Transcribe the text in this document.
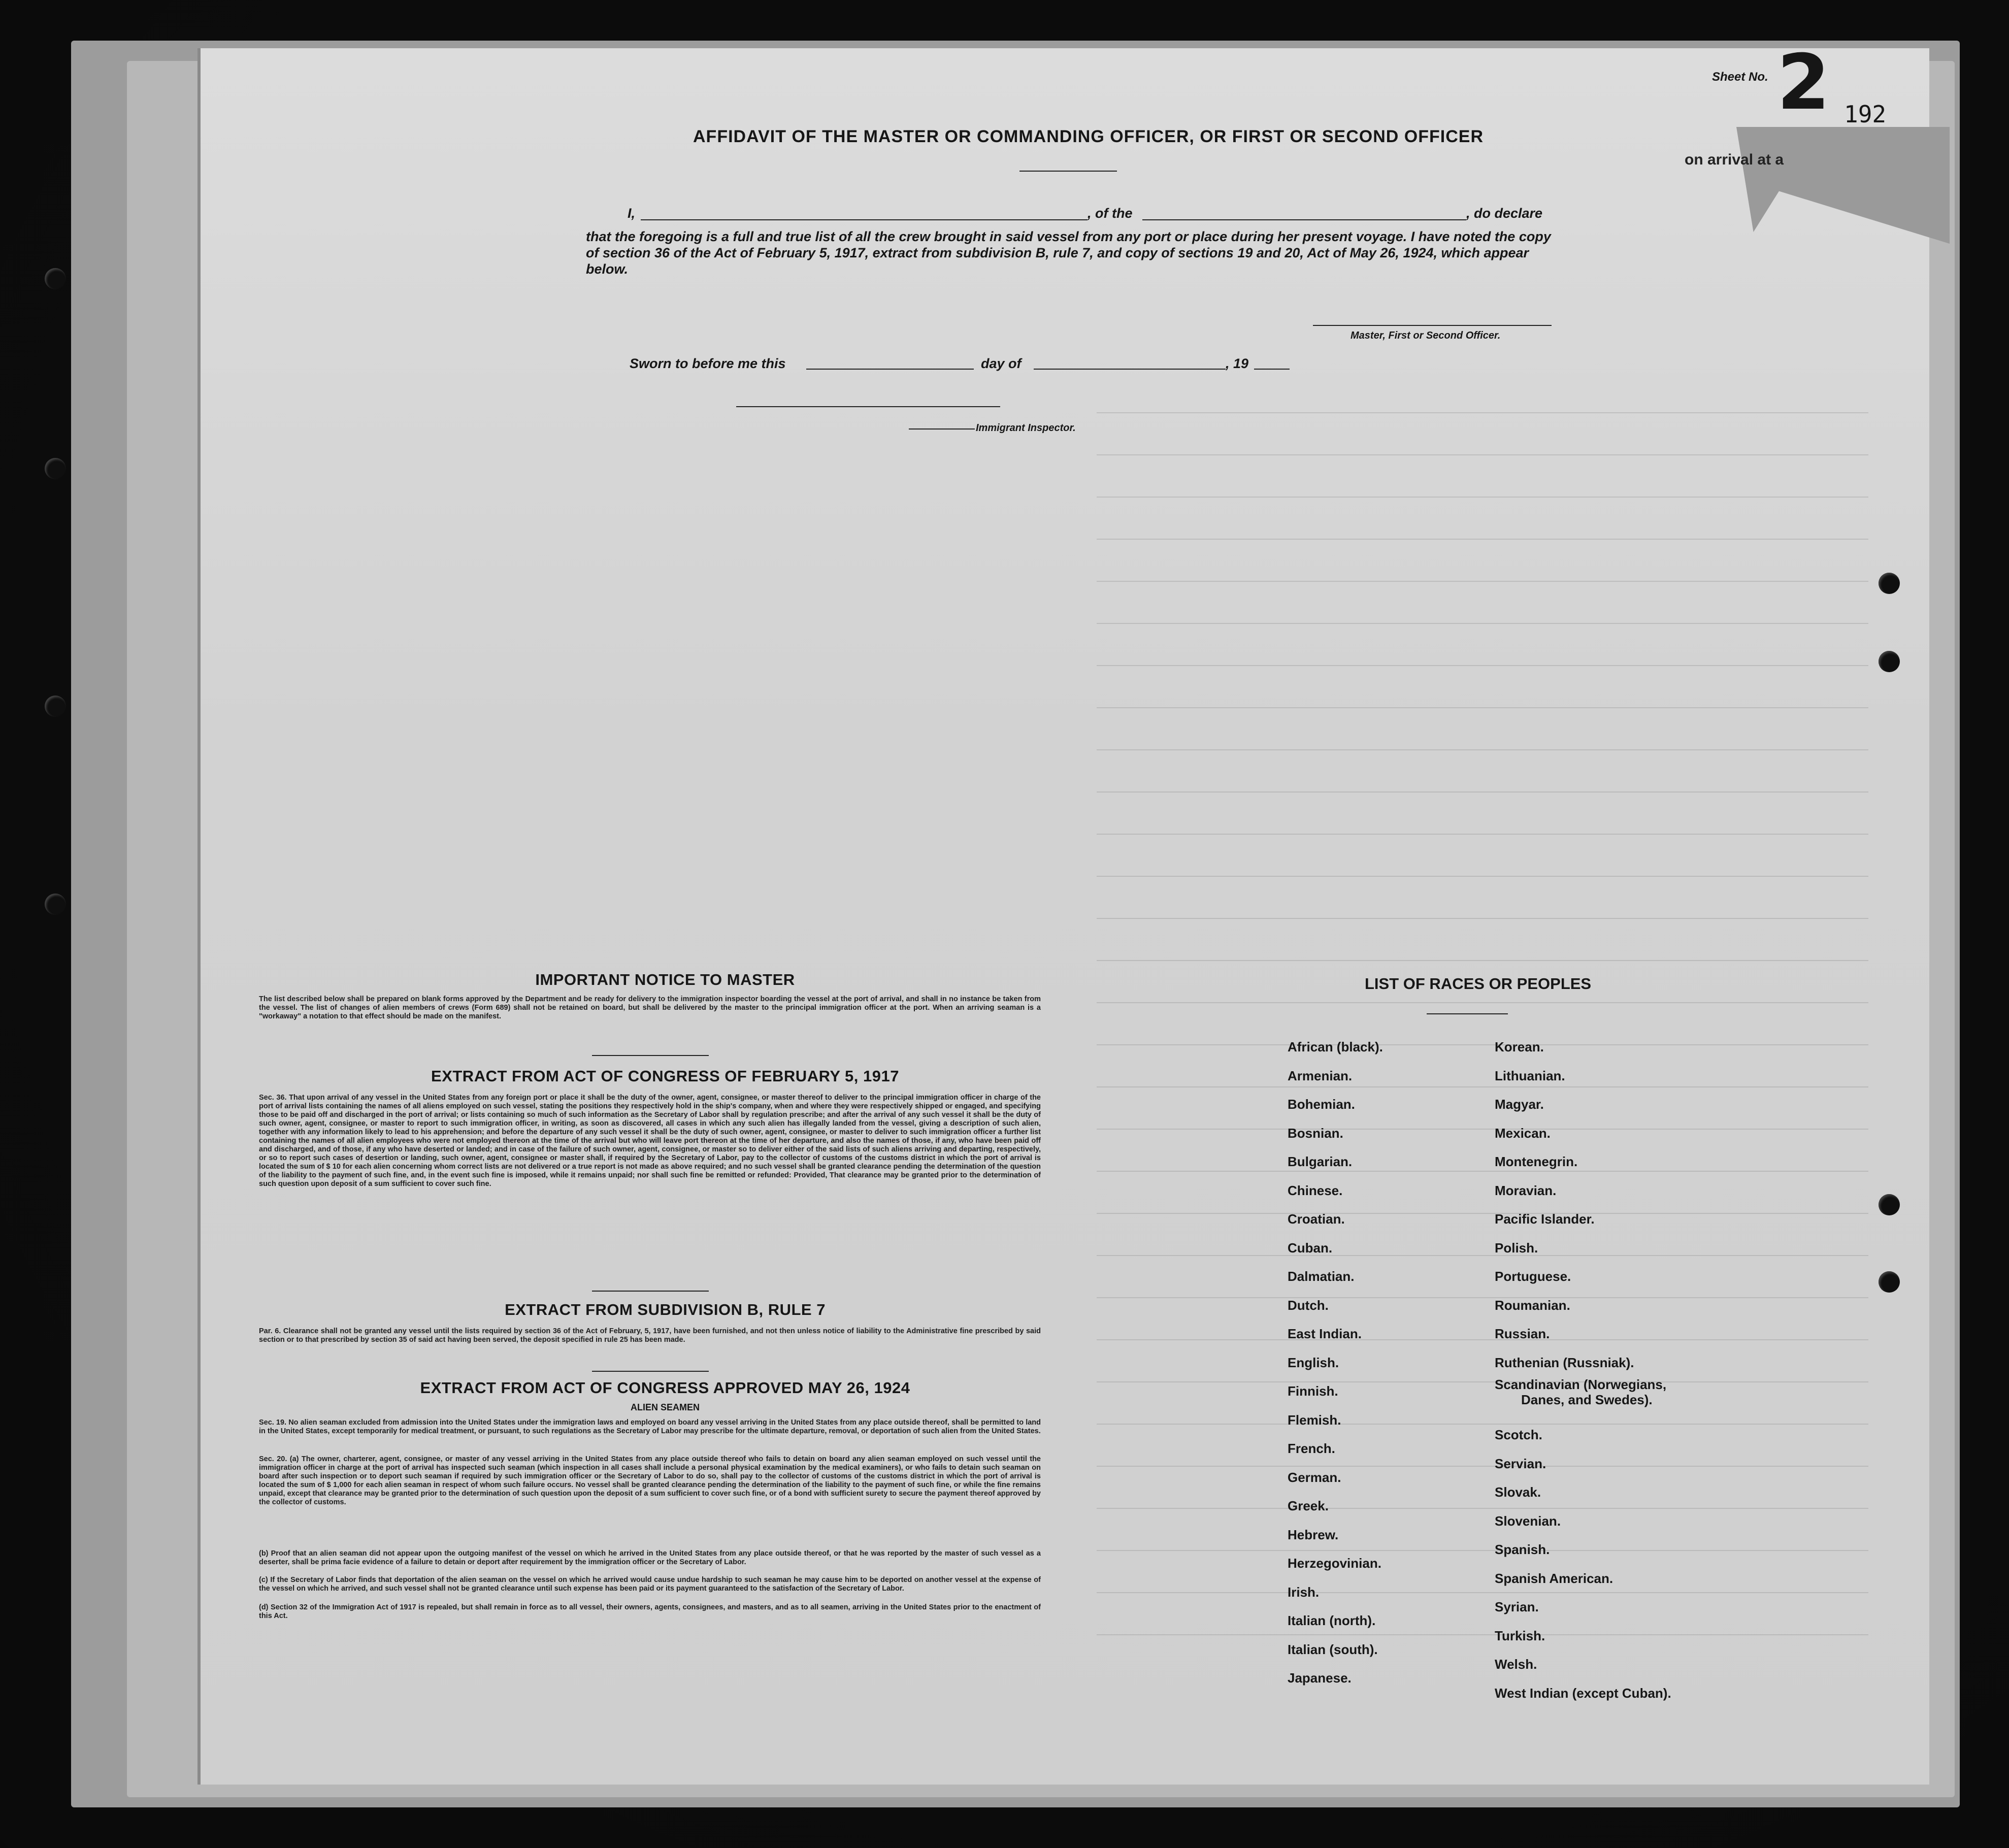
Sheet No. 2 192
on arrival at a
AFFIDAVIT OF THE MASTER OR COMMANDING OFFICER, OR FIRST OR SECOND OFFICER
I,	, of the	, do declare
that the foregoing is a full and true list of all the crew brought in said vessel from any port or place during her present voyage. I have noted the copy of section 36 of the Act of February 5, 1917, extract from subdivision B, rule 7, and copy of sections 19 and 20, Act of May 26, 1924, which appear below.
Master, First or Second Officer.
Sworn to before me this	day of	, 19
Immigrant Inspector.
IMPORTANT NOTICE TO MASTER
The list described below shall be prepared on blank forms approved by the Department and be ready for delivery to the immigration inspector boarding the vessel at the port of arrival, and shall in no instance be taken from the vessel. The list of changes of alien members of crews (Form 689) shall not be retained on board, but shall be delivered by the master to the principal immigration officer at the port. When an arriving seaman is a "workaway" a notation to that effect should be made on the manifest.
EXTRACT FROM ACT OF CONGRESS OF FEBRUARY 5, 1917
Sec. 36. That upon arrival of any vessel in the United States from any foreign port or place it shall be the duty of the owner, agent, consignee, or master thereof to deliver to the principal immigration officer in charge of the port of arrival lists containing the names of all aliens employed on such vessel, stating the positions they respectively hold in the ship's company, when and where they were respectively shipped or engaged, and specifying those to be paid off and discharged in the port of arrival; or lists containing so much of such information as the Secretary of Labor shall by regulation prescribe; and after the arrival of any such vessel it shall be the duty of such owner, agent, consignee, or master to report to such immigration officer, in writing, as soon as discovered, all cases in which any such alien has illegally landed from the vessel, giving a description of such alien, together with any information likely to lead to his apprehension; and before the departure of any such vessel it shall be the duty of such owner, agent, consignee, or master to deliver to such immigration officer a further list containing the names of all alien employees who were not employed thereon at the time of the arrival but who will leave port thereon at the time of her departure, and also the names of those, if any, who have been paid off and discharged, and of those, if any who have deserted or landed; and in case of the failure of such owner, agent, consignee, or master so to deliver either of the said lists of such aliens arriving and departing, respectively, or so to report such cases of desertion or landing, such owner, agent, consignee or master shall, if required by the Secretary of Labor, pay to the collector of customs of the customs district in which the port of arrival is located the sum of $ 10 for each alien concerning whom correct lists are not delivered or a true report is not made as above required; and no such vessel shall be granted clearance pending the determination of the question of the liability to the payment of such fine, and, in the event such fine is imposed, while it remains unpaid; nor shall such fine be remitted or refunded: Provided, That clearance may be granted prior to the determination of such question upon deposit of a sum sufficient to cover such fine.
EXTRACT FROM SUBDIVISION B, RULE 7
Par. 6. Clearance shall not be granted any vessel until the lists required by section 36 of the Act of February, 5, 1917, have been furnished, and not then unless notice of liability to the Administrative fine prescribed by said section or to that prescribed by section 35 of said act having been served, the deposit specified in rule 25 has been made.
EXTRACT FROM ACT OF CONGRESS APPROVED MAY 26, 1924
ALIEN SEAMEN
Sec. 19. No alien seaman excluded from admission into the United States under the immigration laws and employed on board any vessel arriving in the United States from any place outside thereof, shall be permitted to land in the United States, except temporarily for medical treatment, or pursuant, to such regulations as the Secretary of Labor may prescribe for the ultimate departure, removal, or deportation of such alien from the United States.
Sec. 20. (a) The owner, charterer, agent, consignee, or master of any vessel arriving in the United States from any place outside thereof who fails to detain on board any alien seaman employed on such vessel until the immigration officer in charge at the port of arrival has inspected such seaman (which inspection in all cases shall include a personal physical examination by the medical examiners), or who fails to detain such seaman on board after such inspection or to deport such seaman if required by such immigration officer or the Secretary of Labor to do so, shall pay to the collector of customs of the customs district in which the port of arrival is located the sum of $ 1,000 for each alien seaman in respect of whom such failure occurs. No vessel shall be granted clearance pending the determination of the liability to the payment of such fine, or while the fine remains unpaid, except that clearance may be granted prior to the determination of such question upon the deposit of a sum sufficient to cover such fine, or of a bond with sufficient surety to secure the payment thereof approved by the collector of customs.
(b) Proof that an alien seaman did not appear upon the outgoing manifest of the vessel on which he arrived in the United States from any place outside thereof, or that he was reported by the master of such vessel as a deserter, shall be prima facie evidence of a failure to detain or deport after requirement by the immigration officer or the Secretary of Labor.
(c) If the Secretary of Labor finds that deportation of the alien seaman on the vessel on which he arrived would cause undue hardship to such seaman he may cause him to be deported on another vessel at the expense of the vessel on which he arrived, and such vessel shall not be granted clearance until such expense has been paid or its payment guaranteed to the satisfaction of the Secretary of Labor.
(d) Section 32 of the Immigration Act of 1917 is repealed, but shall remain in force as to all vessel, their owners, agents, consignees, and masters, and as to all seamen, arriving in the United States prior to the enactment of this Act.
LIST OF RACES OR PEOPLES
African (black).
Armenian.
Bohemian.
Bosnian.
Bulgarian.
Chinese.
Croatian.
Cuban.
Dalmatian.
Dutch.
East Indian.
English.
Finnish.
Flemish.
French.
German.
Greek.
Hebrew.
Herzegovinian.
Irish.
Italian (north).
Italian (south).
Japanese.
Korean.
Lithuanian.
Magyar.
Mexican.
Montenegrin.
Moravian.
Pacific Islander.
Polish.
Portuguese.
Roumanian.
Russian.
Ruthenian (Russniak).
Scandinavian (Norwegians,
Danes, and Swedes).
Scotch.
Servian.
Slovak.
Slovenian.
Spanish.
Spanish American.
Syrian.
Turkish.
Welsh.
West Indian (except Cuban).
